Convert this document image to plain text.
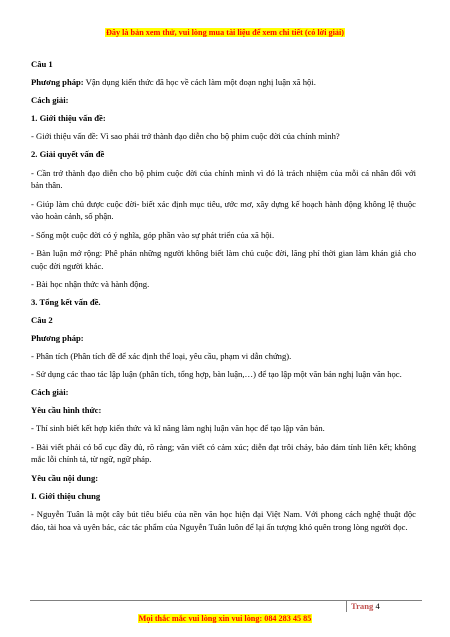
Đây là bản xem thử, vui lòng mua tài liệu để xem chi tiết (có lời giải)
Câu 1
Phương pháp: Vận dụng kiến thức đã học về cách làm một đoạn nghị luận xã hội.
Cách giải:
1. Giới thiệu vấn đề:
- Giới thiệu vấn đề: Vì sao phải trở thành đạo diễn cho bộ phim cuộc đời của chính mình?
2. Giải quyết vấn đề
- Cần trở thành đạo diễn cho bộ phim cuộc đời của chính mình vì đó là trách nhiệm của mỗi cá nhân đối với bản thân.
- Giúp làm chủ được cuộc đời- biết xác định mục tiêu, ước mơ, xây dựng kế hoạch hành động không lệ thuộc vào hoàn cảnh, số phận.
- Sống một cuộc đời có ý nghĩa, góp phần vào sự phát triển của xã hội.
- Bàn luận mở rộng: Phê phán những người không biết làm chủ cuộc đời, lãng phí thời gian làm khán giả cho cuộc đời người khác.
- Bài học nhận thức và hành động.
3. Tổng kết vấn đề.
Câu 2
Phương pháp:
- Phân tích (Phân tích đề để xác định thể loại, yêu cầu, phạm vi dẫn chứng).
- Sử dụng các thao tác lập luận (phân tích, tổng hợp, bàn luận,…) để tạo lập một văn bản nghị luận văn học.
Cách giải:
Yêu cầu hình thức:
- Thí sinh biết kết hợp kiến thức và kĩ năng làm nghị luận văn học để tạo lập văn bản.
- Bài viết phải có bố cục đầy đủ, rõ ràng; văn viết có cảm xúc; diễn đạt trôi chảy, bảo đảm tính liên kết; không mắc lỗi chính tả, từ ngữ, ngữ pháp.
Yêu cầu nội dung:
I. Giới thiệu chung
- Nguyễn Tuân là một cây bút tiêu biểu của nền văn học hiện đại Việt Nam. Với phong cách nghệ thuật độc đáo, tài hoa và uyên bác, các tác phẩm của Nguyễn Tuân luôn để lại ấn tượng khó quên trong lòng người đọc.
Trang 4
Mọi thắc mắc vui lòng xin vui lòng: 084 283 45 85
